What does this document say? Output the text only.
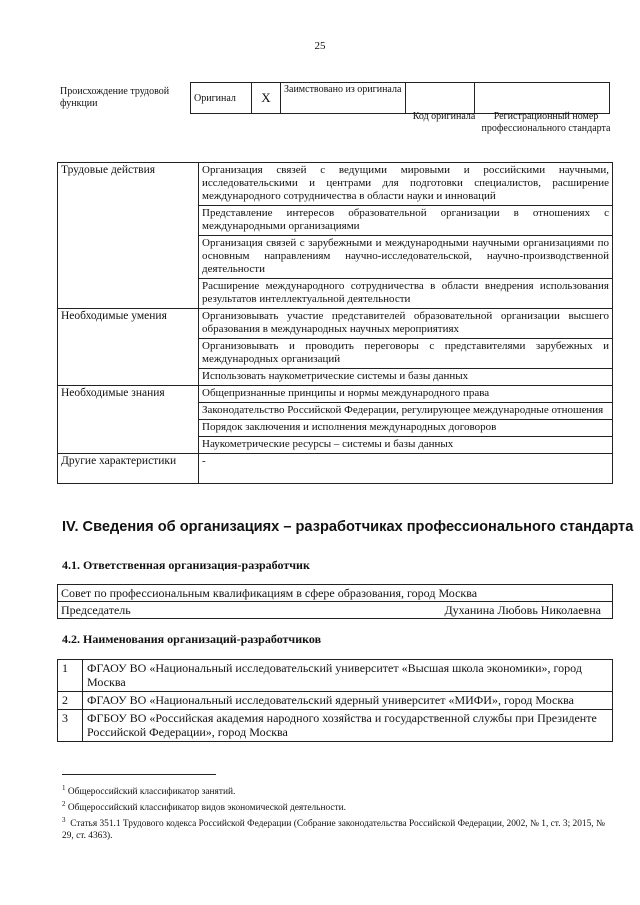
25
Происхождение трудовой функции	Оригинал	X	Заимствовано из оригинала		
Код оригинала	Регистрационный номер профессионального стандарта
Трудовые действия	Организация связей с ведущими мировыми и российскими научными, исследовательскими и центрами для подготовки специалистов, расширение международного сотрудничества в области науки и инноваций
	Представление интересов образовательной организации в отношениях с международными организациями
	Организация связей с зарубежными и международными научными организациями по основным направлениям научно-исследовательской, научно-производственной деятельности
	Расширение международного сотрудничества в области внедрения использования результатов интеллектуальной деятельности
Необходимые умения	Организовывать участие представителей образовательной организации высшего образования в международных научных мероприятиях
	Организовывать и проводить переговоры с представителями зарубежных и международных организаций
	Использовать наукометрические системы и базы данных
Необходимые знания	Общепризнанные принципы и нормы международного права
	Законодательство Российской Федерации, регулирующее международные отношения
	Порядок заключения и исполнения международных договоров
	Наукометрические ресурсы – системы и базы данных
Другие характеристики	-
IV. Сведения об организациях – разработчиках профессионального стандарта
4.1. Ответственная организация-разработчик
Совет по профессиональным квалификациям в сфере образования, город Москва
Председатель	Духанина Любовь Николаевна
4.2. Наименования организаций-разработчиков
1	ФГАОУ ВО «Национальный исследовательский университет «Высшая школа экономики», город Москва
2	ФГАОУ ВО «Национальный исследовательский ядерный университет «МИФИ», город Москва
3	ФГБОУ ВО «Российская академия народного хозяйства и государственной службы при Президенте Российской Федерации», город Москва

$^1$ Общероссийский классификатор занятий.

$^2$ Общероссийский классификатор видов экономической деятельности.

$^3$ Статья 351.1 Трудового кодекса Российской Федерации (Собрание законодательства Российской Федерации, 2002, № 1, ст. 3; 2015, № 29, ст. 4363).
